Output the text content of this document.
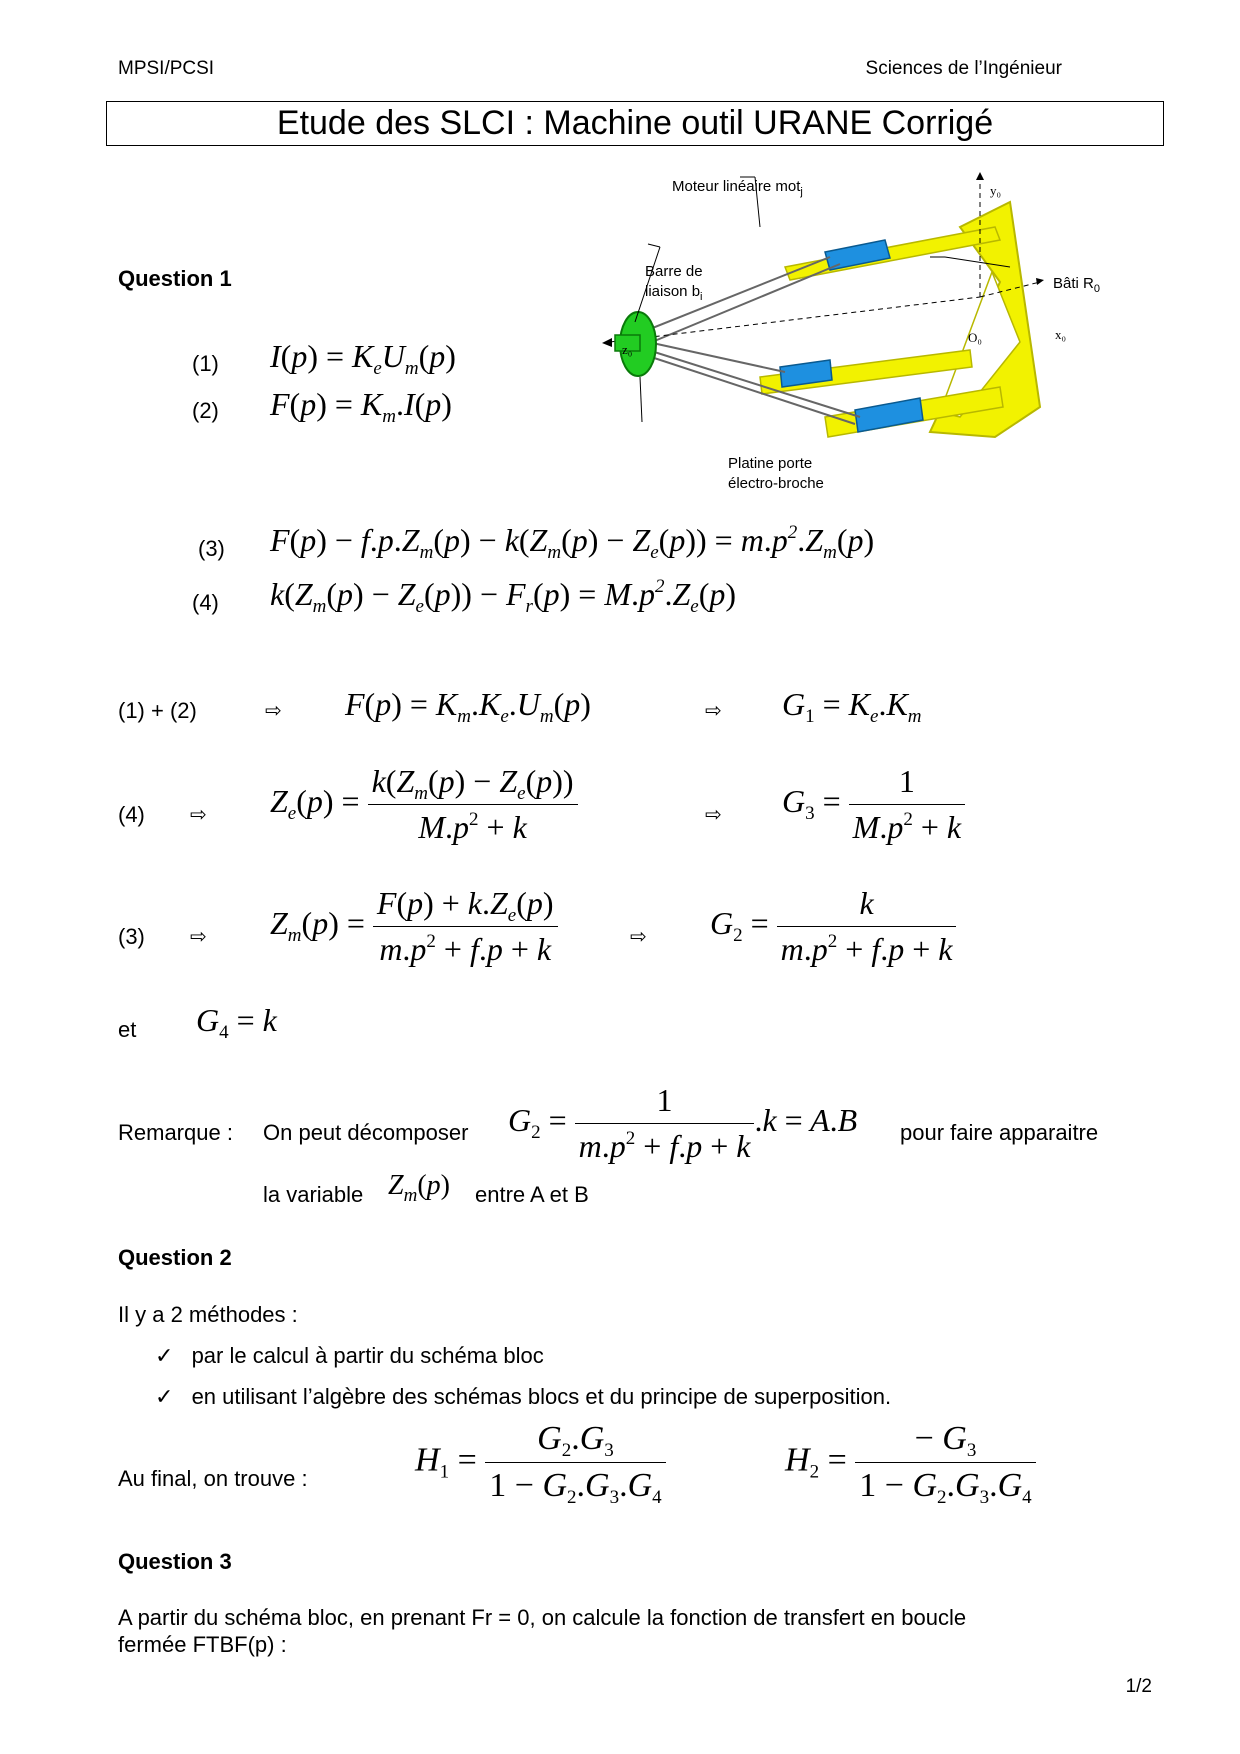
MPSI/PCSI	Sciences de l’Ingénieur
Etude des SLCI : Machine outil URANE Corrigé
Moteur linéaire mot$_j$
Barre de
liaison $b_i$
Bâti $R_0$
Platine porte
électro-broche
y₀
x₀
z₀
O₀
Question 1
(1) $I(p) = K_eU_m(p)$
(2) $F(p) = K_m.I(p)$
(3) $F(p) - f.p.Z_m(p) - k(Z_m(p) - Z_e(p)) = m.p^2.Z_m(p)$
(4) $k(Z_m(p) - Z_e(p)) - F_r(p) = M.p^2.Z_e(p)$
(1) + (2)	⇨ $F(p) = K_m.K_e.U_m(p)$	⇨ $G_1 = K_e.K_m$
(4) ⇨ $Z_e(p) = \frac{k(Z_m(p) - Z_e(p))}{M.p^2 + k}$	⇨ $G_3 = \frac{1}{M.p^2 + k}$
(3) ⇨ $Z_m(p) = \frac{F(p) + k.Z_e(p)}{m.p^2 + f.p + k}$	⇨ $G_2 = \frac{k}{m.p^2 + f.p + k}$
et $G_4 = k$
Remarque : On peut décomposer $G_2 = \frac{1}{m.p^2 + f.p + k} .k = A.B$ pour faire apparaitre
la variable $Z_m(p)$ entre A et B
Question 2
Il y a 2 méthodes :
✓ par le calcul à partir du schéma bloc
✓ en utilisant l’algèbre des schémas blocs et du principe de superposition.
Au final, on trouve :
$H_1 = \frac{G_2.G_3}{1 - G_2.G_3.G_4}$	$H_2 = \frac{- G_3}{1 - G_2.G_3.G_4}$
Question 3
A partir du schéma bloc, en prenant Fr = 0, on calcule la fonction de transfert en boucle
fermée FTBF(p) :
1/2
